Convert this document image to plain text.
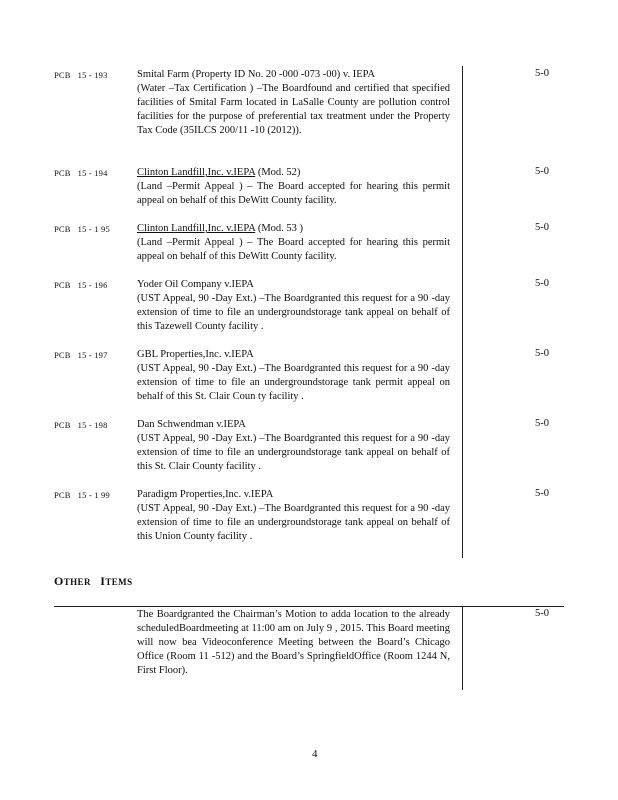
PCB   15 - 193	Smital Farm (Property ID No. 20 -000 -073 -00) v. IEPA

(Water –Tax Certification ) –The Boardfound and certified that specified facilities of Smital Farm located in LaSalle County are pollution control facilities for the purpose of preferential tax treatment under the Property Tax Code (35ILCS 200/11 -10 (2012)).

5-0
PCB   15 - 194	Clinton Landfill,Inc. v.IEPA (Mod. 52)

(Land –Permit Appeal ) – The Board accepted for hearing this permit appeal on behalf of this DeWitt County facility.

5-0
PCB   15 - 1 95	Clinton Landfill,Inc. v.IEPA (Mod. 53 )

(Land –Permit Appeal ) – The Board accepted for hearing this permit appeal on behalf of this DeWitt County facility.

5-0
PCB   15 - 196	Yoder Oil Company v.IEPA

(UST Appeal, 90 -Day Ext.) –The Boardgranted this request for a 90 -day extension of time to file an undergroundstorage tank appeal on behalf of this Tazewell County facility .

5-0
PCB   15 - 197	GBL Properties,Inc. v.IEPA

(UST Appeal, 90 -Day Ext.) –The Boardgranted this request for a 90 -day extension of time to file an undergroundstorage tank permit appeal on behalf of this St. Clair Coun ty facility .

5-0
PCB   15 - 198	Dan Schwendman v.IEPA

(UST Appeal, 90 -Day Ext.) –The Boardgranted this request for a 90 -day extension of time to file an undergroundstorage tank appeal on behalf of this St. Clair County facility .

5-0
PCB   15 - 1 99	Paradigm Properties,Inc. v.IEPA

(UST Appeal, 90 -Day Ext.) –The Boardgranted this request for a 90 -day extension of time to file an undergroundstorage tank appeal on behalf of this Union County facility .

5-0
OTHER ITEMS

The Boardgranted the Chairman’s Motion to adda location to the already scheduledBoardmeeting at 11:00 am on July 9 , 2015. This Board meeting will now bea Videoconference Meeting between the Board’s Chicago Office (Room 11 -512) and the Board’s SpringfieldOffice (Room 1244 N, First Floor).

5-0
4
